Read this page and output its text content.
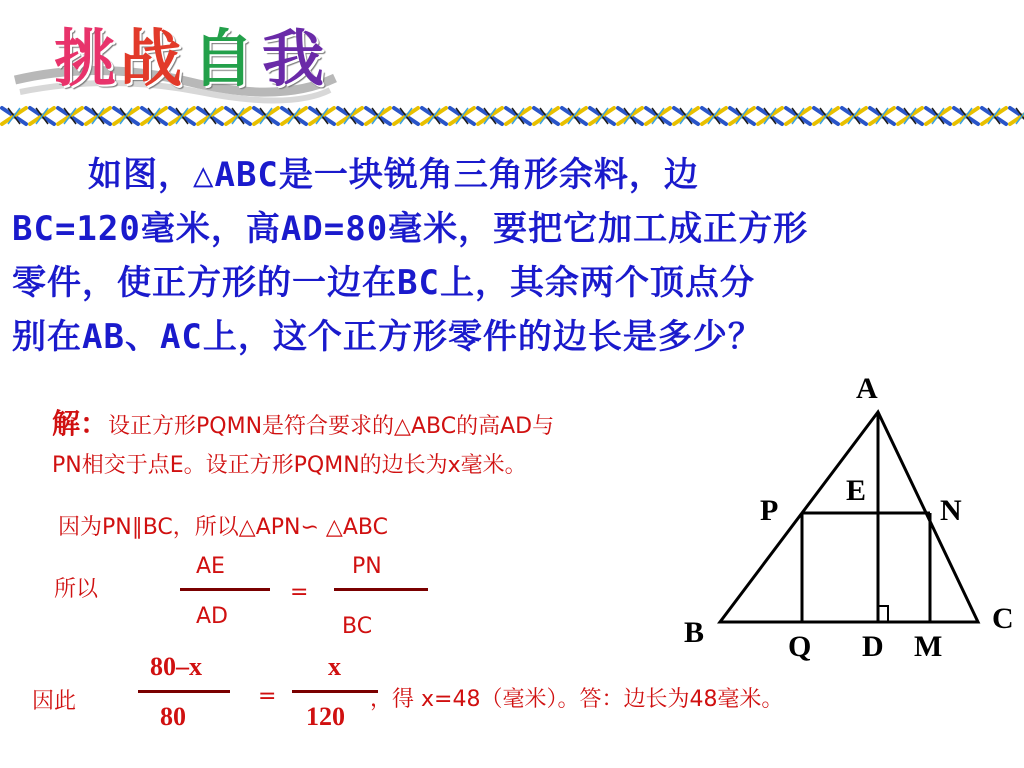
挑 战 自 我
如图，△ABC是一块锐角三角形余料，边
BC=120毫米，高AD=80毫米，要把它加工成正方形
零件，使正方形的一边在BC上，其余两个顶点分
别在AB、AC上，这个正方形零件的边长是多少？
解：设正方形PQMN是符合要求的△ABC的高AD与
PN相交于点E。设正方形PQMN的边长为x毫米。
因为PN∥BC，所以△APN∽ △ABC
所以
AE
AD
=
PN
BC
因此
80–x
80
=
x
120
，得 x=48（毫米）。答：边长为48毫米。
A
E
P	N
B	C
Q D M
